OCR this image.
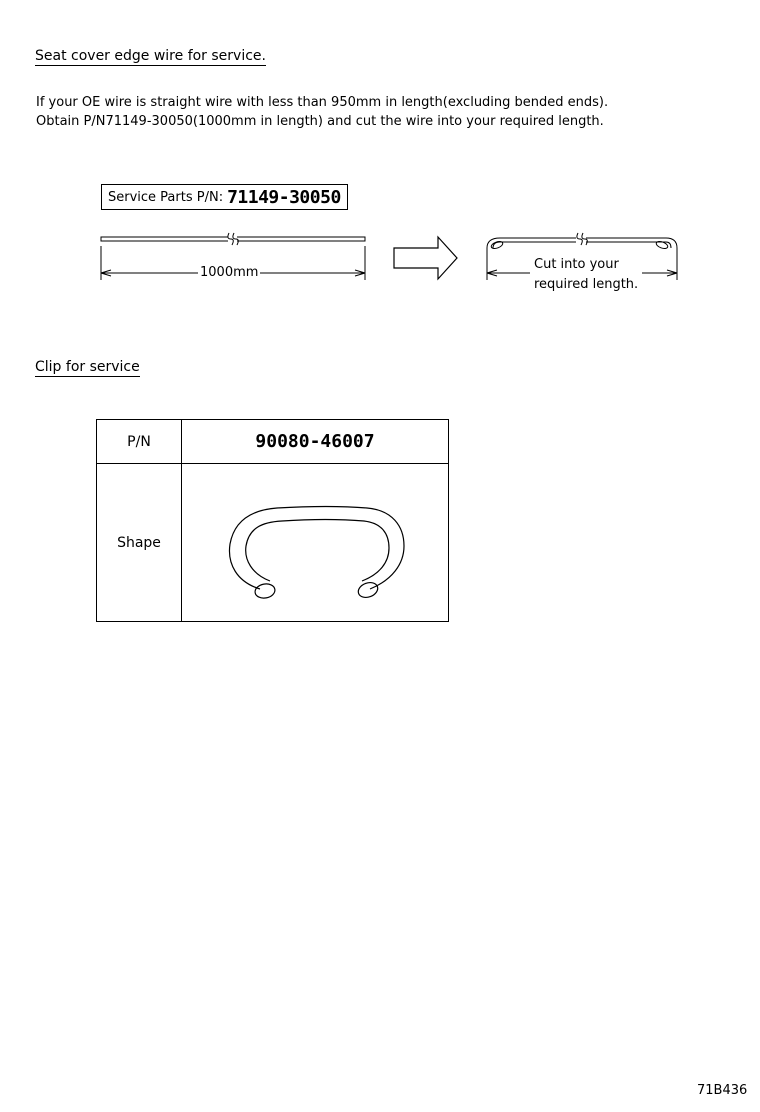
Seat cover edge wire for service.
If your OE wire is straight wire with less than 950mm in length(excluding bended ends).
Obtain P/N71149-30050(1000mm in length) and cut the wire into your required length.
Service Parts P/N: 71149-30050
1000mm
Cut into your
required length.
Clip for service
P/N	90080-46007
Shape	
71B436
